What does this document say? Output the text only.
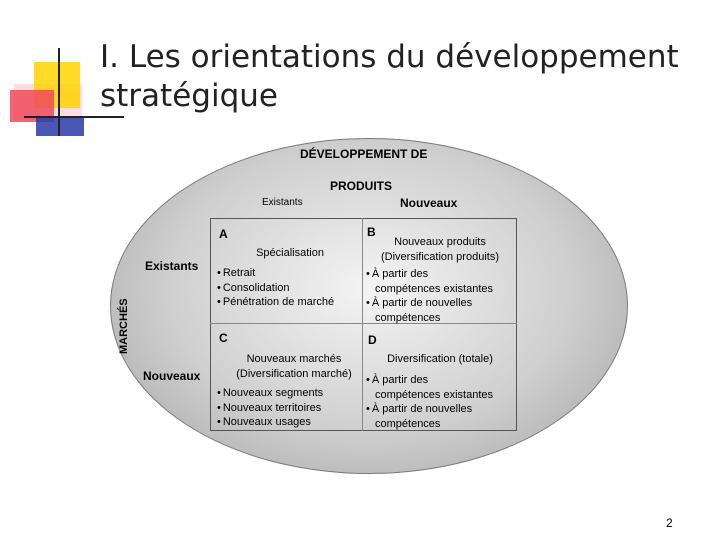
I. Les orientations du développement stratégique
DÉVELOPPEMENT DE
PRODUITS
Existants	Nouveaux
Existants
Nouveaux
MARCHÉS
A
Spécialisation
• Retrait
• Consolidation
• Pénétration de marché
B
Nouveaux produits
(Diversification produits)
• À partir des
compétences existantes
• À partir de nouvelles
compétences
C
Nouveaux marchés
(Diversification marché)
• Nouveaux segments
• Nouveaux territoires
• Nouveaux usages
D
Diversification (totale)
• À partir des
compétences existantes
• À partir de nouvelles
compétences
2
